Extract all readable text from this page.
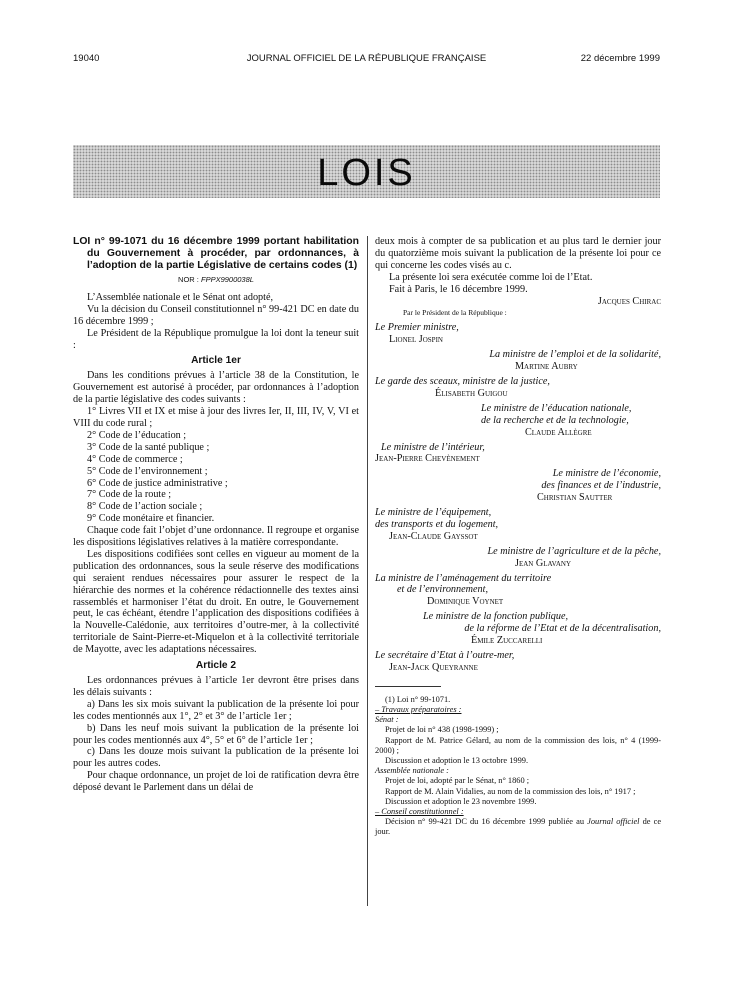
19040	JOURNAL OFFICIEL DE LA RÉPUBLIQUE FRANÇAISE	22 décembre 1999
LOIS

LOI n° 99-1071 du 16 décembre 1999 portant habilitation du Gouvernement à procéder, par ordonnances, à l’adoption de la partie Législative de certains codes (1)

NOR : FPPX9900038L

L’Assemblée nationale et le Sénat ont adopté,

Vu la décision du Conseil constitutionnel n° 99-421 DC en date du 16 décembre 1999 ;

Le Président de la République promulgue la loi dont la teneur suit :

Article 1er

Dans les conditions prévues à l’article 38 de la Constitution, le Gouvernement est autorisé à procéder, par ordonnances à l’adoption de la partie législative des codes suivants :

1° Livres VII et IX et mise à jour des livres Ier, II, III, IV, V, VI et VIII du code rural ;

2° Code de l’éducation ;

3° Code de la santé publique ;

4° Code de commerce ;

5° Code de l’environnement ;

6° Code de justice administrative ;

7° Code de la route ;

8° Code de l’action sociale ;

9° Code monétaire et financier.

Chaque code fait l’objet d’une ordonnance. Il regroupe et organise les dispositions législatives relatives à la matière correspondante.

Les dispositions codifiées sont celles en vigueur au moment de la publication des ordonnances, sous la seule réserve des modifications qui seraient rendues nécessaires pour assurer le respect de la hiérarchie des normes et la cohérence rédactionnelle des textes ainsi rassemblés et harmoniser l’état du droit. En outre, le Gouvernement peut, le cas échéant, étendre l’application des dispositions codifiées à la Nouvelle-Calédonie, aux territoires d’outre-mer, à la collectivité territoriale de Saint-Pierre-et-Miquelon et à la collectivité territoriale de Mayotte, avec les adaptations nécessaires.

Article 2

Les ordonnances prévues à l’article 1er devront être prises dans les délais suivants :

a) Dans les six mois suivant la publication de la présente loi pour les codes mentionnés aux 1°, 2° et 3° de l’article 1er ;

b) Dans les neuf mois suivant la publication de la présente loi pour les codes mentionnés aux 4°, 5° et 6° de l’article 1er ;

c) Dans les douze mois suivant la publication de la présente loi pour les autres codes.

Pour chaque ordonnance, un projet de loi de ratification devra être déposé devant le Parlement dans un délai de

deux mois à compter de sa publication et au plus tard le dernier jour du quatorzième mois suivant la publication de la présente loi pour ce qui concerne les codes visés au c.

La présente loi sera exécutée comme loi de l’Etat.

Fait à Paris, le 16 décembre 1999.

Jacques Chirac

Par le Président de la République :

Le Premier ministre,

Lionel Jospin

La ministre de l’emploi et de la solidarité,

Martine Aubry

Le garde des sceaux, ministre de la justice,

Élisabeth Guigou

Le ministre de l’éducation nationale,

de la recherche et de la technologie,

Claude Allègre

Le ministre de l’intérieur,

Jean-Pierre Chevènement

Le ministre de l’économie,

des finances et de l’industrie,

Christian Sautter

Le ministre de l’équipement,

des transports et du logement,

Jean-Claude Gayssot

Le ministre de l’agriculture et de la pêche,

Jean Glavany

La ministre de l’aménagement du territoire

et de l’environnement,

Dominique Voynet

Le ministre de la fonction publique,

de la réforme de l’Etat et de la décentralisation,

Émile Zuccarelli

Le secrétaire d’Etat à l’outre-mer,

Jean-Jack Queyranne

(1) Loi n° 99-1071.

– Travaux préparatoires :

Sénat :

Projet de loi n° 438 (1998-1999) ;

Rapport de M. Patrice Gélard, au nom de la commission des lois, n° 4 (1999-2000) ;

Discussion et adoption le 13 octobre 1999.

Assemblée nationale :

Projet de loi, adopté par le Sénat, n° 1860 ;

Rapport de M. Alain Vidalies, au nom de la commission des lois, n° 1917 ;

Discussion et adoption le 23 novembre 1999.

– Conseil constitutionnel :

Décision n° 99-421 DC du 16 décembre 1999 publiée au Journal officiel de ce jour.
